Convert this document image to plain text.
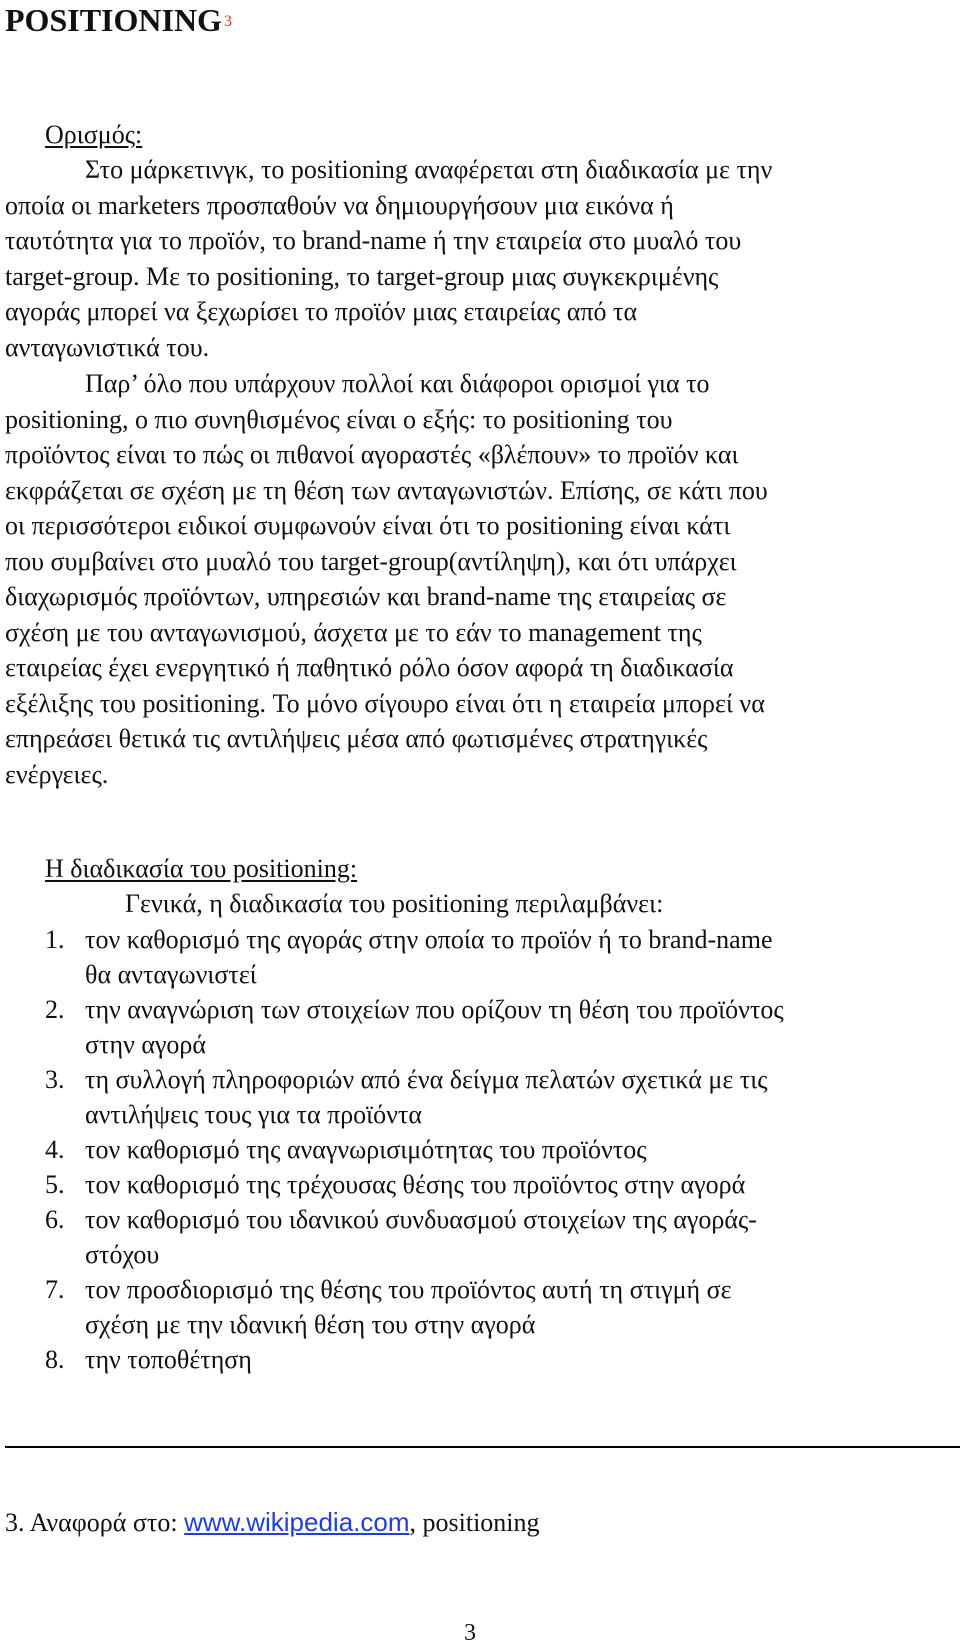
POSITIONING $^3$
Ορισμός:
Στο μάρκετινγκ, το positioning αναφέρεται στη διαδικασία με την
οποία οι marketers προσπαθούν να δημιουργήσουν μια εικόνα ή
ταυτότητα για το προϊόν, το brand-name ή την εταιρεία στο μυαλό του
target-group. Με το positioning, το target-group μιας συγκεκριμένης
αγοράς μπορεί να ξεχωρίσει το προϊόν μιας εταιρείας από τα
ανταγωνιστικά του.
Παρ’ όλο που υπάρχουν πολλοί και διάφοροι ορισμοί για το
positioning, ο πιο συνηθισμένος είναι ο εξής: το positioning του
προϊόντος είναι το πώς οι πιθανοί αγοραστές «βλέπουν» το προϊόν και
εκφράζεται σε σχέση με τη θέση των ανταγωνιστών. Επίσης, σε κάτι που
οι περισσότεροι ειδικοί συμφωνούν είναι ότι το positioning είναι κάτι
που συμβαίνει στο μυαλό του target-group(αντίληψη), και ότι υπάρχει
διαχωρισμός προϊόντων, υπηρεσιών και brand-name της εταιρείας σε
σχέση με του ανταγωνισμού, άσχετα με το εάν το management της
εταιρείας έχει ενεργητικό ή παθητικό ρόλο όσον αφορά τη διαδικασία
εξέλιξης του positioning. Το μόνο σίγουρο είναι ότι η εταιρεία μπορεί να
επηρεάσει θετικά τις αντιλήψεις μέσα από φωτισμένες στρατηγικές
ενέργειες.
Η διαδικασία του positioning:
Γενικά, η διαδικασία του positioning περιλαμβάνει:
1. τον καθορισμό της αγοράς στην οποία το προϊόν ή το brand-name
θα ανταγωνιστεί
2. την αναγνώριση των στοιχείων που ορίζουν τη θέση του προϊόντος
στην αγορά
3. τη συλλογή πληροφοριών από ένα δείγμα πελατών σχετικά με τις
αντιλήψεις τους για τα προϊόντα
4. τον καθορισμό της αναγνωρισιμότητας του προϊόντος
5. τον καθορισμό της τρέχουσας θέσης του προϊόντος στην αγορά
6. τον καθορισμό του ιδανικού συνδυασμού στοιχείων της αγοράς-
στόχου
7. τον προσδιορισμό της θέσης του προϊόντος αυτή τη στιγμή σε
σχέση με την ιδανική θέση του στην αγορά
8. την τοποθέτηση
3. Αναφορά στο: www.wikipedia.com, positioning
3
